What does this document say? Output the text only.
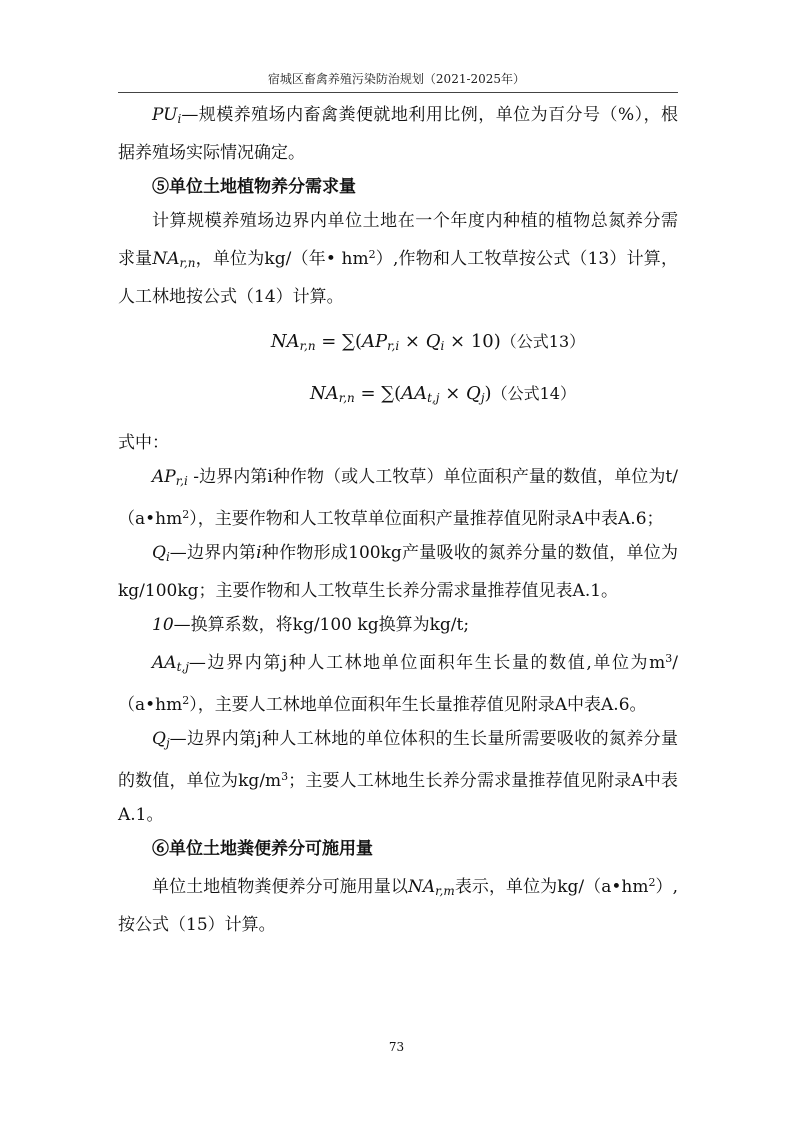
宿城区畜禽养殖污染防治规划（2021-2025年）

$PU_i—$规模养殖场内畜禽粪便就地利用比例，单位为百分号（%），根据养殖场实际情况确定。

⑤单位土地植物养分需求量

计算规模养殖场边界内单位土地在一个年度内种植的植物总氮养分需求量$NA_{r,n}$，单位为kg/（年• $hm^2$）,作物和人工牧草按公式（13）计算，人工林地按公式（14）计算。

$NA_{r,n} = \sum(AP_{r,i} \times Q_i \times 10)$（公式13）
$NA_{r,n} = \sum(AA_{t,j} \times Q_j)$（公式14）

式中：

$AP_{r,i}$ -边界内第i种作物（或人工牧草）单位面积产量的数值，单位为$t/(a•hm^2)$，主要作物和人工牧草单位面积产量推荐值见附录A中表A.6；

$Q_i—$边界内第i种作物形成100kg产量吸收的氮养分量的数值，单位为kg/100kg；主要作物和人工牧草生长养分需求量推荐值见表A.1。

10—换算系数，将kg/100 kg换算为kg/t;

$AA_{t,j}—$边界内第j种人工林地单位面积年生长量的数值,单位为$m^3/(a•hm^2)$，主要人工林地单位面积年生长量推荐值见附录A中表A.6。

$Q_j—$边界内第j种人工林地的单位体积的生长量所需要吸收的氮养分量的数值，单位为$kg/m^3$；主要人工林地生长养分需求量推荐值见附录A中表A.1。

⑥单位土地粪便养分可施用量

单位土地植物粪便养分可施用量以$NA_{r,m}$表示，单位为$kg/(a•hm^2)$, 按公式（15）计算。

73
